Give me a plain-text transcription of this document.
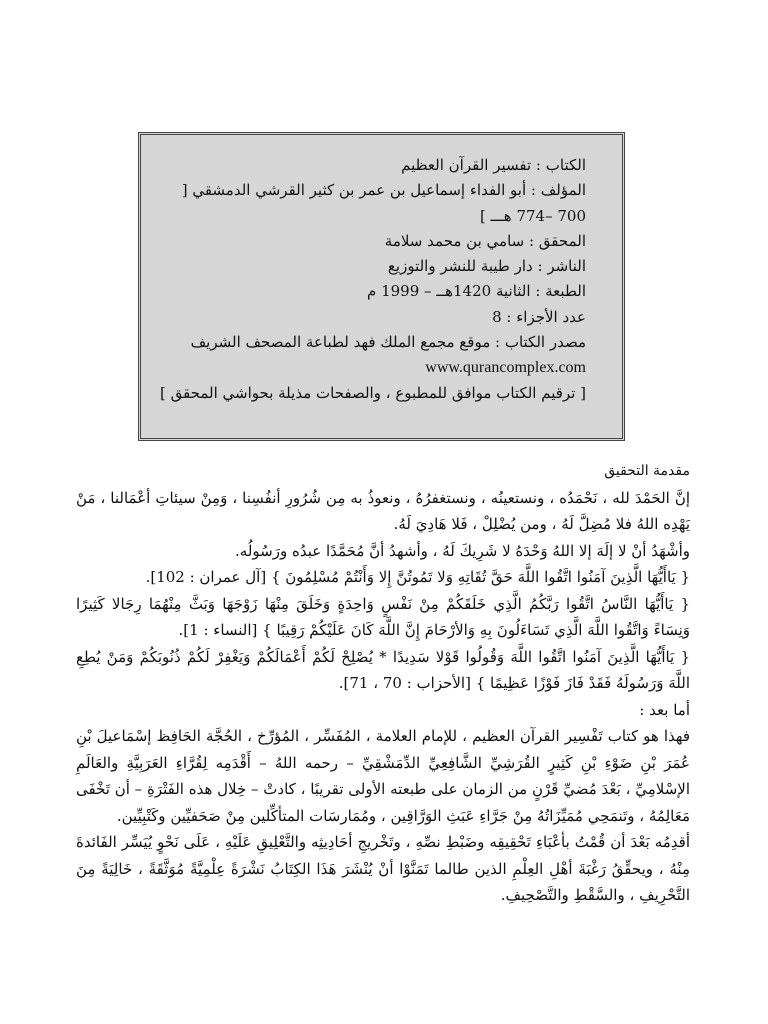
الكتاب : تفسير القرآن العظيم
المؤلف : أبو الفداء إسماعيل بن عمر بن كثير القرشي الدمشقي [ 700 –774 هـــ ]
المحقق : سامي بن محمد سلامة
الناشر : دار طيبة للنشر والتوزيع
الطبعة : الثانية 1420هــ – 1999 م
عدد الأجزاء : 8
مصدر الكتاب : موقع مجمع الملك فهد لطباعة المصحف الشريف
www.qurancomplex.com
[ ترقيم الكتاب موافق للمطبوع ، والصفحات مذيلة بحواشي المحقق ]

مقدمة التحقيق

إنَّ الحَمْدَ لله ، نَحْمَدُه ، ونستعينُه ، ونستغفرُهُ ، ونعوذُ به مِن شُرُورِ أنفُسِنا ، وَمِنْ سيئاتِ أعْمَالنا ، مَنْ يَهْدِه اللهُ فلا مُضِلَّ لَهُ ، ومن يُضْلِلْ ، فَلا هَادِيَ لَهُ.

وأشْهَدُ أنْ لا إلَهَ إلا اللهُ وَحْدَهُ لا شَرِيكَ لَهُ ، وأشهدُ أنَّ مُحَمَّدًا عبدُه ورَسُولُه.

{ يَاأَيُّهَا الَّذِينَ آمَنُوا اتَّقُوا اللَّهَ حَقَّ تُقَاتِهِ وَلا تَمُوتُنَّ إِلا وَأَنْتُمْ مُسْلِمُونَ } [آل عمران : 102].

{ يَاأَيُّهَا النَّاسُ اتَّقُوا رَبَّكُمُ الَّذِي خَلَقَكُمْ مِنْ نَفْسٍ وَاحِدَةٍ وَخَلَقَ مِنْهَا زَوْجَهَا وَبَثَّ مِنْهُمَا رِجَالا كَثِيرًا وَنِسَاءً وَاتَّقُوا اللَّهَ الَّذِي تَسَاءَلُونَ بِهِ وَالأرْحَامَ إِنَّ اللَّهَ كَانَ عَلَيْكُمْ رَقِيبًا } [النساء : 1].

{ يَاأَيُّهَا الَّذِينَ آمَنُوا اتَّقُوا اللَّهَ وَقُولُوا قَوْلا سَدِيدًا * يُصْلِحْ لَكُمْ أَعْمَالَكُمْ وَيَغْفِرْ لَكُمْ ذُنُوبَكُمْ وَمَنْ يُطِعِ اللَّهَ وَرَسُولَهُ فَقَدْ فَازَ فَوْزًا عَظِيمًا } [الأحزاب : 70 ، 71].

أما بعد :

فهذا هو كتاب تَفْسِير القرآن العظيم ، للإمام العلامة ، المُفَسِّر ، المُؤرِّخ ، الحُجَّة الحَافِظ إسْمَاعيلَ بْنِ عُمَرَ بْنِ ضَوْءِ بْنِ كَثِيرٍ القُرَشِيِّ الشَّافِعِيِّ الدِّمَشْقِيِّ – رحمه اللهُ – أَقْدَمِه لِقُرَّاءِ العَرَبِيَّةِ والعَالَمِ الإسْلامِيِّ ، بَعْدَ مُضيِّ قَرْنٍ من الزمان على طبعته الأولى تقريبًا ، كادتْ – خِلال هذه الفَتْرَةِ – أن تَخْفَى مَعَالِمُهُ ، وتَنمَحِي مُمَيِّزَاتُهُ مِنْ جَرَّاءِ عَبَثِ الوَرَّاقِين ، ومُمَارسَات المتأكِّلين مِنْ صَحَفيِّين وكَتْبِيِّين.

أقدِمُه بَعْدَ أن قُمْتُ بأعْبَاءِ تَحْقِيقِه وضَبْطِ نصِّهِ ، وتَخْريجِ أحَادِيثِه والتَّعْلِيقِ عَلَيْهِ ، عَلَى نَحْوٍ يُيَسِّر الفَائدةَ مِنْهُ ، ويحقِّقُ رَغْبَةَ أهْلِ العِلْمِ الذين طالما تَمَنَّوْا أنْ يُنْشَرَ هَذَا الكِتَابُ نَشْرَةً عِلْمِيَّةً مُوَثَّقَةً ، خَالِيَةً مِنَ التَّحْرِيفِ ، والسَّقْطِ والتَّصْحِيفِ.
